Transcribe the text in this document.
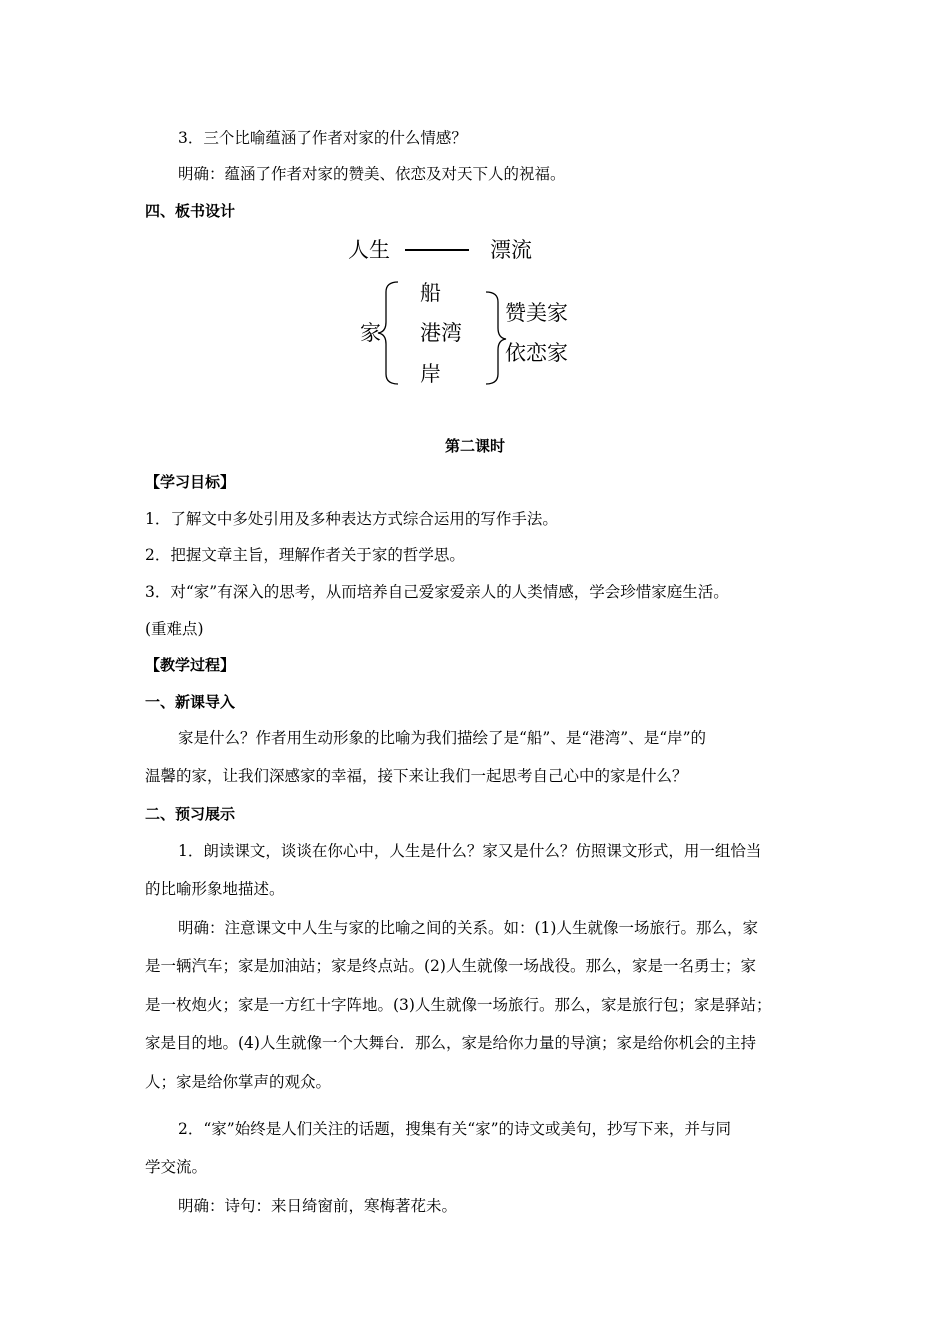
3．三个比喻蕴涵了作者对家的什么情感？
明确：蕴涵了作者对家的赞美、依恋及对天下人的祝福。
四、板书设计
人生	漂流
家
船
港湾
岸
赞美家
依恋家
第二课时
【学习目标】
1．了解文中多处引用及多种表达方式综合运用的写作手法。
2．把握文章主旨，理解作者关于家的哲学思。
3．对“家”有深入的思考，从而培养自己爱家爱亲人的人类情感，学会珍惜家庭生活。
(重难点)
【教学过程】
一、新课导入
家是什么？作者用生动形象的比喻为我们描绘了是“船”、是“港湾”、是“岸”的
温馨的家，让我们深感家的幸福，接下来让我们一起思考自己心中的家是什么？
二、预习展示
1．朗读课文，谈谈在你心中，人生是什么？家又是什么？仿照课文形式，用一组恰当
的比喻形象地描述。
明确：注意课文中人生与家的比喻之间的关系。如：(1)人生就像一场旅行。那么，家
是一辆汽车；家是加油站；家是终点站。(2)人生就像一场战役。那么，家是一名勇士；家
是一枚炮火；家是一方红十字阵地。(3)人生就像一场旅行。那么，家是旅行包；家是驿站；
家是目的地。(4)人生就像一个大舞台．那么，家是给你力量的导演；家是给你机会的主持
人；家是给你掌声的观众。
2．“家”始终是人们关注的话题，搜集有关“家”的诗文或美句，抄写下来，并与同
学交流。
明确：诗句：来日绮窗前，寒梅著花未。
